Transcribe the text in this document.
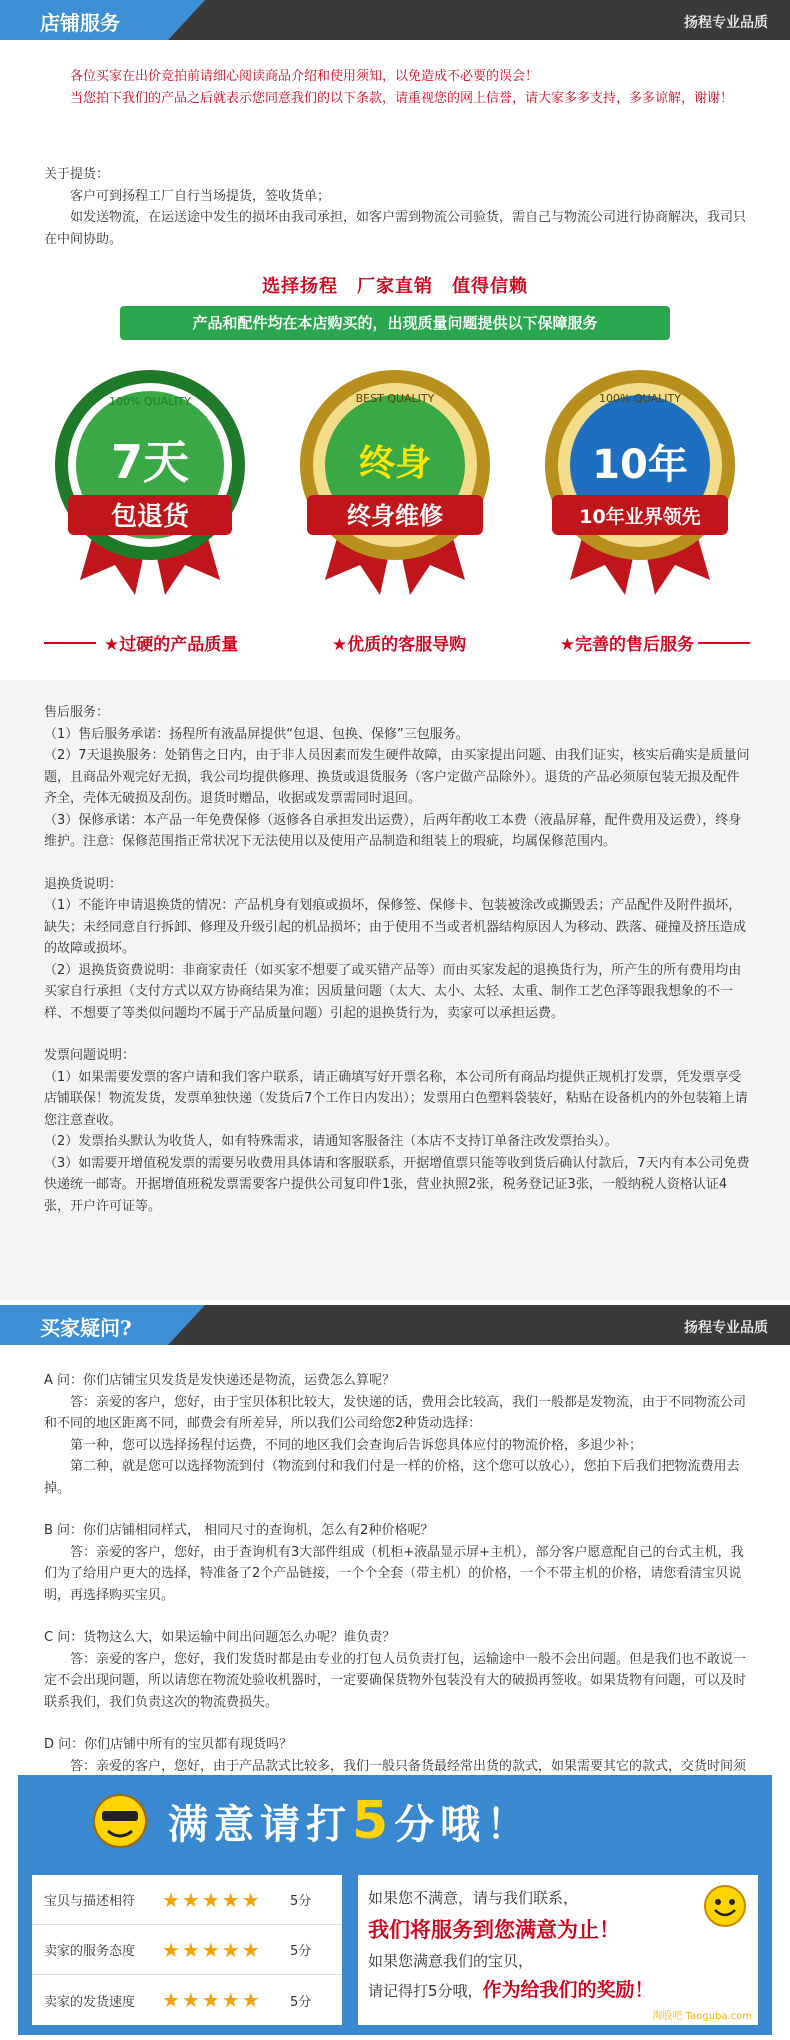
店铺服务	扬程专业品质

各位买家在出价竞拍前请细心阅读商品介绍和使用须知，以免造成不必要的误会！

当您拍下我们的产品之后就表示您同意我们的以下条款，请重视您的网上信誉，请大家多多支持，多多谅解，谢谢！

关于提货：

客户可到扬程工厂自行当场提货，签收货单；

如发送物流，在运送途中发生的损坏由我司承担，如客户需到物流公司验货，需自己与物流公司进行协商解决，我司只在中间协助。

选择扬程　厂家直销　值得信赖
产品和配件均在本店购买的，出现质量问题提供以下保障服务
100% QUALITY
7天
包退货
BEST QUALITY
终身
终身维修
100% QUALITY
10年
10年业界领先
★过硬的产品质量	★优质的客服导购	★完善的售后服务

售后服务：

（1）售后服务承诺：扬程所有液晶屏提供“包退、包换、保修”三包服务。

（2）7天退换服务：处销售之日内，由于非人员因素而发生硬件故障，由买家提出问题、由我们证实，核实后确实是质量问题，且商品外观完好无损，我公司均提供修理、换货或退货服务（客户定做产品除外）。退货的产品必须原包装无损及配件齐全，壳体无破损及刮伤。退货时赠品，收据或发票需同时退回。

（3）保修承诺：本产品一年免费保修（返修各自承担发出运费），后两年酌收工本费（液晶屏幕，配件费用及运费），终身维护。注意：保修范围指正常状况下无法使用以及使用产品制造和组装上的瑕疵，均属保修范围内。

退换货说明：

（1）不能许申请退换货的情况：产品机身有划痕或损坏，保修签、保修卡、包装被涂改或撕毁丢；产品配件及附件损坏，缺失；未经同意自行拆卸、修理及升级引起的机品损坏；由于使用不当或者机器结构原因人为移动、跌落、碰撞及挤压造成的故障或损坏。

（2）退换货资费说明：非商家责任（如买家不想要了或买错产品等）而由买家发起的退换货行为，所产生的所有费用均由买家自行承担（支付方式以双方协商结果为准；因质量问题（太大、太小、太轻、太重、制作工艺色泽等跟我想象的不一样、不想要了等类似问题均不属于产品质量问题）引起的退换货行为，卖家可以承担运费。

发票问题说明：

（1）如果需要发票的客户请和我们客户联系，请正确填写好开票名称，本公司所有商品均提供正规机打发票，凭发票享受店铺联保！物流发货，发票单独快递（发货后7个工作日内发出）；发票用白色塑料袋装好，粘贴在设备机内的外包装箱上请您注意查收。

（2）发票抬头默认为收货人，如有特殊需求，请通知客服备注（本店不支持订单备注改发票抬头）。

（3）如需要开增值税发票的需要另收费用具体请和客服联系，开据增值票只能等收到货后确认付款后，7天内有本公司免费快递统一邮寄。开据增值班税发票需要客户提供公司复印件1张，营业执照2张，税务登记证3张，一般纳税人资格认证4张，开户许可证等。

买家疑问?	扬程专业品质

A 问：你们店铺宝贝发货是发快递还是物流，运费怎么算呢？

答：亲爱的客户，您好，由于宝贝体积比较大，发快递的话，费用会比较高，我们一般都是发物流，由于不同物流公司和不同的地区距离不同，邮费会有所差异，所以我们公司给您2种货动选择：

第一种，您可以选择扬程付运费，不同的地区我们会查询后告诉您具体应付的物流价格，多退少补；

第二种，就是您可以选择物流到付（物流到付和我们付是一样的价格，这个您可以放心），您拍下后我们把物流费用去掉。

B 问：你们店铺相同样式， 相同尺寸的查询机，怎么有2种价格呢？

答：亲爱的客户，您好，由于查询机有3大部件组成（机柜+液晶显示屏+主机），部分客户愿意配自己的台式主机，我们为了给用户更大的选择，特准备了2个产品链接，一个个全套（带主机）的价格，一个不带主机的价格，请您看清宝贝说明，再选择购买宝贝。

C 问：货物这么大，如果运输中间出问题怎么办呢？谁负责？

答：亲爱的客户，您好，我们发货时都是由专业的打包人员负责打包，运输途中一般不会出问题。但是我们也不敢说一定不会出现问题，所以请您在物流处验收机器时，一定要确保货物外包装没有大的破损再签收。如果货物有问题，可以及时联系我们，我们负责这次的物流费损失。

D 问：你们店铺中所有的宝贝都有现货吗？

答：亲爱的客户，您好，由于产品款式比较多，我们一般只备货最经常出货的款式，如果需要其它的款式，交货时间须

满意请打5分哦！
宝贝与描述相符	★★★★★	5分
卖家的服务态度	★★★★★	5分
卖家的发货速度	★★★★★	5分

如果您不满意，请与我们联系，

我们将服务到您满意为止！

如果您满意我们的宝贝，

请记得打5分哦，作为给我们的奖励！

淘股吧 Taoguba.com
